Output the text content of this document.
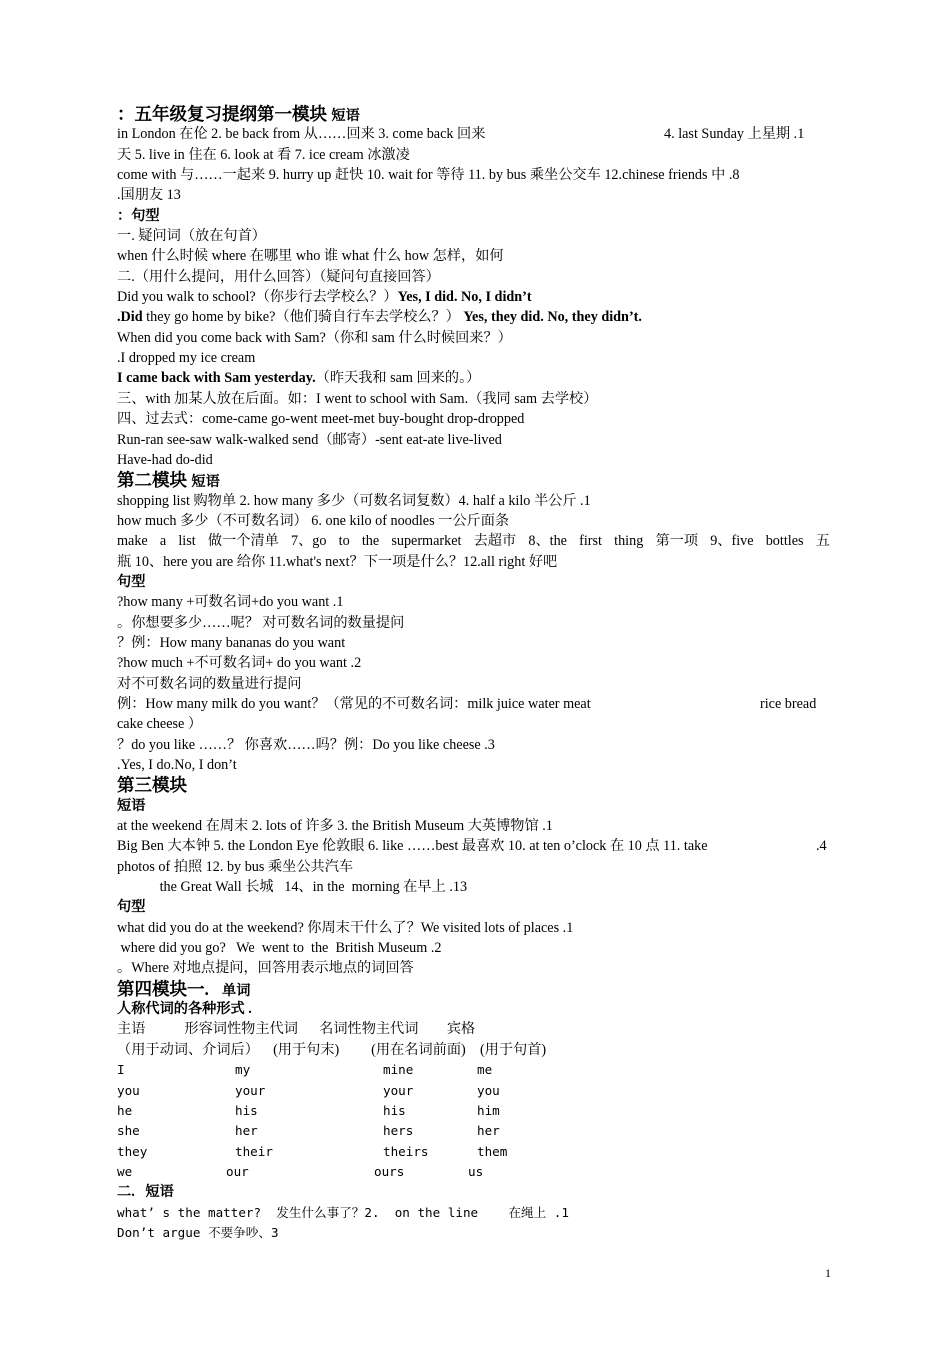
：五年级复习提纲第一模块 短语
in London 在伦 2. be back from 从……回来 3. come back 回来	4. last Sunday 上星期 .1
天 5. live in 住在 6. look at 看 7. ice cream 冰激凌
come with 与……一起来 9. hurry up 赶快 10. wait for 等待 11. by bus 乘坐公交车 12.chinese friends 中 .8
.国朋友 13
：句型
一. 疑问词（放在句首）
when 什么时候 where 在哪里 who 谁 what 什么 how 怎样，如何
二.（用什么提问，用什么回答）（疑问句直接回答）
Did you walk to school?（你步行去学校么？）Yes, I did. No, I didn’t
.Did they go home by bike?（他们骑自行车去学校么？） Yes, they did. No, they didn’t.
When did you come back with Sam?（你和 sam 什么时候回来？）
.I dropped my ice cream
I came back with Sam yesterday.（昨天我和 sam 回来的。）
三、with 加某人放在后面。如：I went to school with Sam.（我同 sam 去学校）
四、过去式：come-came go-went meet-met buy-bought drop-dropped
Run-ran see-saw walk-walked send（邮寄）-sent eat-ate live-lived
Have-had do-did
第二模块 短语
shopping list 购物单 2. how many 多少（可数名词复数）4. half a kilo 半公斤 .1
how much 多少（不可数名词） 6. one kilo of noodles 一公斤面条
make a list 做一个清单 7、go to the supermarket 去超市 8、the first thing 第一项 9、five bottles 五
瓶 10、here you are 给你 11.what's next？下一项是什么？12.all right 好吧
句型
?how many +可数名词+do you want .1
。你想要多少……呢？ 对可数名词的数量提问
？例：How many bananas do you want
?how much +不可数名词+ do you want .2
对不可数名词的数量进行提问
例：How many milk do you want？（常见的不可数名词：milk juice water meat	rice bread
cake cheese ）
？do you like ……？ 你喜欢……吗？例：Do you like cheese .3
.Yes, I do.No, I don’t
第三模块
短语
at the weekend 在周末 2. lots of 许多 3. the British Museum 大英博物馆 .1
Big Ben 大本钟 5. the London Eye 伦敦眼 6. like ……best 最喜欢 10. at ten o’clock 在 10 点 11. take	.4
photos of 拍照 12. by bus 乘坐公共汽车
the Great Wall 长城   14、in the  morning 在早上 .13
句型
what did you do at the weekend? 你周末干什么了？We visited lots of places .1
where did you go?   We  went to  the  British Museum .2
。Where 对地点提问，回答用表示地点的词回答
第四模块一. 单词
人称代词的各种形式 .
主语           形容词性物主代词      名词性物主代词        宾格
（用于动词、介词后）    (用于句末)         (用在名词前面)    (用于句首)
I	my	mine	me
you	your	your	you
he	his	his	him
she	her	hers	her
they	their	theirs	them
we	our	ours	us
二.   短语
what’ s the matter?  发生什么事了？2.  on the line    在绳上 .1
Don’t argue 不要争吵、3
1
